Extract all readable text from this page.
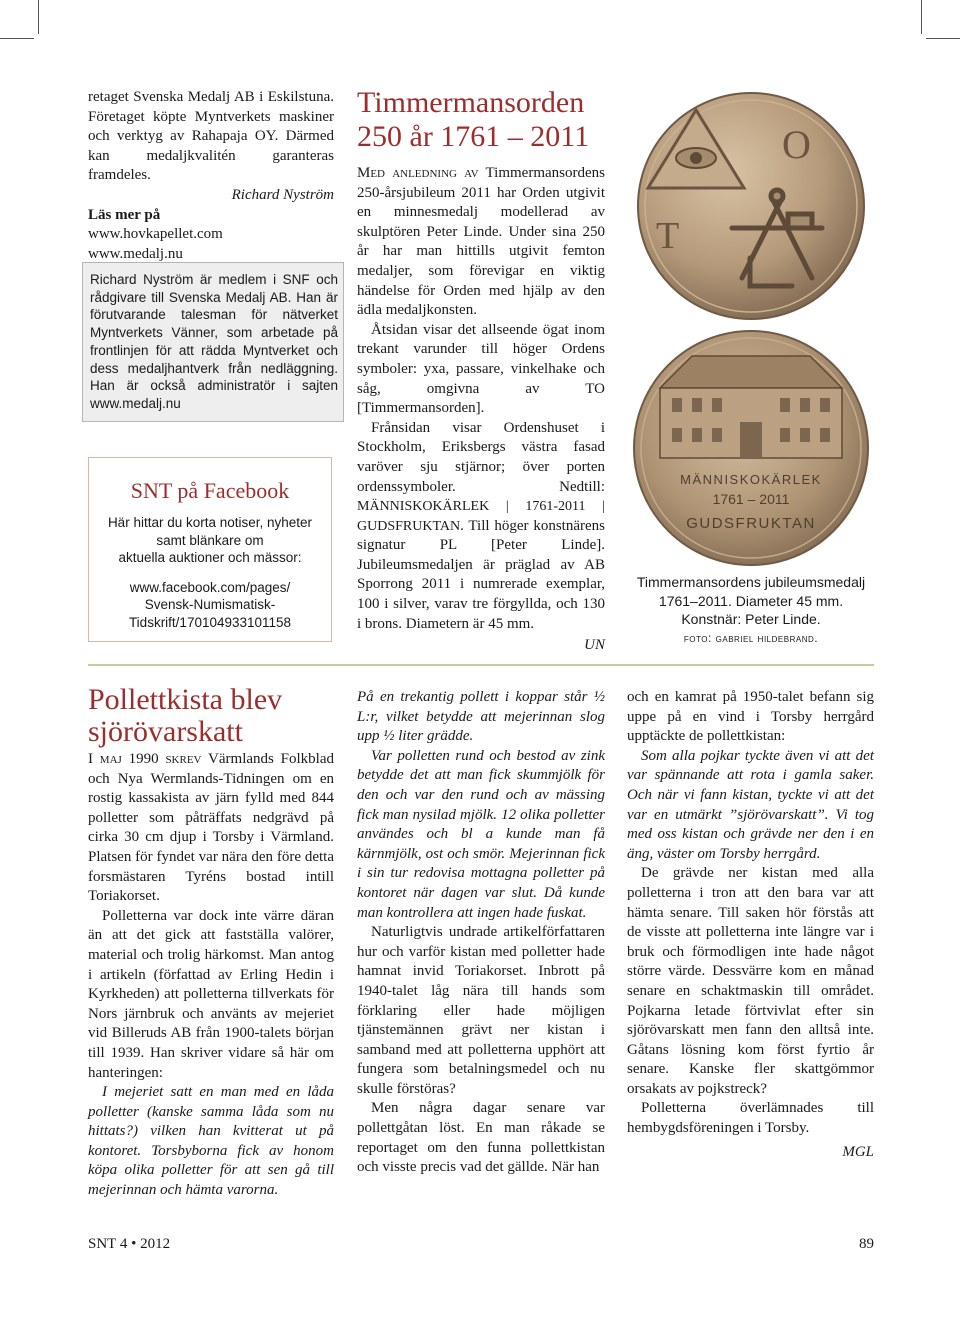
retaget Svenska Medalj AB i Eskilstuna. Företaget köpte Myntverkets maskiner och verktyg av Rahapaja OY. Därmed kan medaljkvalitén garanteras framdeles.

Richard Nyström

Läs mer på

www.hovkapellet.com

www.medalj.nu

Richard Nyström är medlem i SNF och rådgivare till Svenska Medalj AB. Han är förutvarande talesman för nätverket Myntverkets Vänner, som arbetade på frontlinjen för att rädda Myntverket och dess medaljhantverk från nedläggning. Han är också administratör i sajten www.medalj.nu

SNT på Facebook

Här hittar du korta notiser, nyheter

samt blänkare om

aktuella auktioner och mässor:

www.facebook.com/pages/

Svensk-Numismatisk-

Tidskrift/170104933101158

Timmermansorden
250 år 1761 – 2011

Med anledning av Timmermansordens 250-årsjubileum 2011 har Orden utgivit en minnesmedalj modellerad av skulptören Peter Linde. Under sina 250 år har man hittills utgivit femton medaljer, som förevigar en viktig händelse för Orden med hjälp av den ädla medaljkonsten.

Åtsidan visar det allseende ögat inom trekant varunder till höger Ordens symboler: yxa, passare, vinkelhake och såg, omgivna av TO [Timmermansorden].

Frånsidan visar Ordenshuset i Stockholm, Eriksbergs västra fasad varöver sju stjärnor; över porten ordenssymboler. Nedtill: MÄNNISKOKÄRLEK | 1761-2011 | GUDSFRUKTAN. Till höger konstnärens signatur PL [Peter Linde]. Jubileumsmedaljen är präglad av AB Sporrong 2011 i numrerade exemplar, 100 i silver, varav tre förgyllda, och 130 i brons. Diametern är 45 mm.

UN

O
T
MÄNNISKOKÄRLEK
1761 – 2011
GUDSFRUKTAN

Timmermansordens jubileumsmedalj

1761–2011. Diameter 45 mm.

Konstnär: Peter Linde.

foto: gabriel hildebrand.

Pollettkista blev
sjörövarskatt

I maj 1990 skrev Värmlands Folkblad och Nya Wermlands-Tidningen om en rostig kassakista av järn fylld med 844 polletter som påträffats nedgrävd på cirka 30 cm djup i Torsby i Värmland. Platsen för fyndet var nära den före detta forsmästaren Tyréns bostad intill Toriakorset.

Polletterna var dock inte värre däran än att det gick att fastställa valörer, material och trolig härkomst. Man antog i artikeln (författad av Erling Hedin i Kyrkheden) att polletterna tillverkats för Nors järnbruk och använts av mejeriet vid Billeruds AB från 1900-talets början till 1939. Han skriver vidare så här om hanteringen:

I mejeriet satt en man med en låda polletter (kanske samma låda som nu hittats?) vilken han kvitterat ut på kontoret. Torsbyborna fick av honom köpa olika polletter för att sen gå till mejerinnan och hämta varorna.

På en trekantig pollett i koppar står ½ L:r, vilket betydde att mejerinnan slog upp ½ liter grädde.

Var polletten rund och bestod av zink betydde det att man fick skummjölk för den och var den rund och av mässing fick man nysilad mjölk. 12 olika polletter användes och bl a kunde man få kärnmjölk, ost och smör. Mejerinnan fick i sin tur redovisa mottagna polletter på kontoret när dagen var slut. Då kunde man kontrollera att ingen hade fuskat.

Naturligtvis undrade artikelförfattaren hur och varför kistan med polletter hade hamnat invid Toriakorset. Inbrott på 1940-talet låg nära till hands som förklaring eller hade möjligen tjänstemännen grävt ner kistan i samband med att polletterna upphört att fungera som betalningsmedel och nu skulle förstöras?

Men några dagar senare var pollettgåtan löst. En man råkade se reportaget om den funna pollettkistan och visste precis vad det gällde. När han

och en kamrat på 1950-talet befann sig uppe på en vind i Torsby herrgård upptäckte de pollettkistan:

Som alla pojkar tyckte även vi att det var spännande att rota i gamla saker. Och när vi fann kistan, tyckte vi att det var en utmärkt ”sjörövarskatt”. Vi tog med oss kistan och grävde ner den i en äng, väster om Torsby herrgård.

De grävde ner kistan med alla polletterna i tron att den bara var att hämta senare. Till saken hör förstås att de visste att polletterna inte längre var i bruk och förmodligen inte hade något större värde. Dessvärre kom en månad senare en schaktmaskin till området. Pojkarna letade förtvivlat efter sin sjörövarskatt men fann den alltså inte. Gåtans lösning kom först fyrtio år senare. Kanske fler skattgömmor orsakats av pojkstreck?

Polletterna överlämnades till hembygdsföreningen i Torsby.

MGL

SNT 4 • 2012	89
